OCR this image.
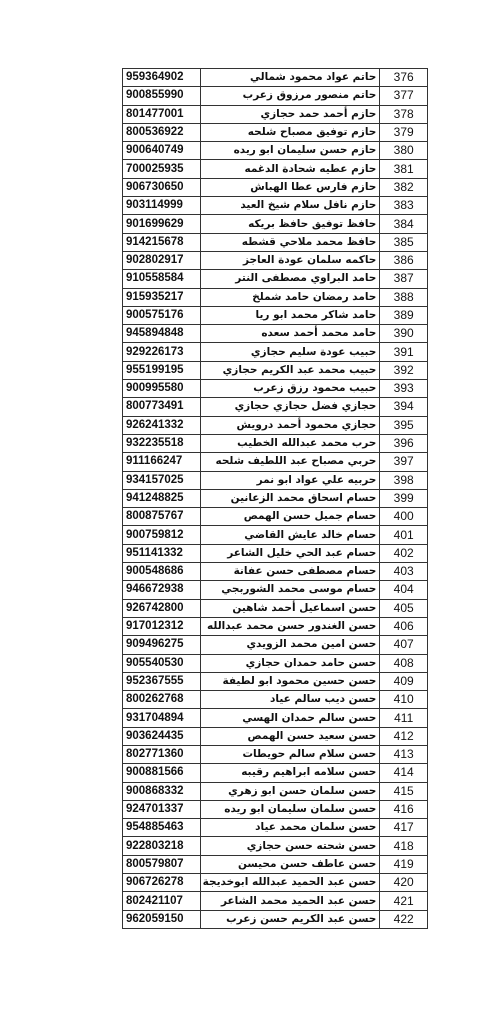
959364902	حاتم عواد محمود شمالي	376
900855990	حاتم منصور مرزوق زعرب	377
801477001	حازم أحمد حمد حجازي	378
800536922	حازم توفيق مصباح شلحه	379
900640749	حازم حسن سليمان ابو ريده	380
700025935	حازم عطيه شحادة الدغمه	381
906730650	حازم فارس عطا الهباش	382
903114999	حازم نافل سلام شيخ العيد	383
901699629	حافظ توفيق حافظ بريكه	384
914215678	حافظ محمد ملاحي قشطه	385
902802917	حاكمه سلمان عودة العاجز	386
910558584	حامد البراوي مصطفى النتر	387
915935217	حامد رمضان حامد شملخ	388
900575176	حامد شاكر محمد ابو ريا	389
945894848	حامد محمد أحمد سعده	390
929226173	حبيب عودة سليم حجازي	391
955199195	حبيب محمد عبد الكريم حجازي	392
900995580	حبيب محمود رزق زعرب	393
800773491	حجازي فضل حجازي حجازي	394
926241332	حجازي محمود أحمد درويش	395
932235518	حرب محمد عبدالله الخطيب	396
911166247	حربي مصباح عبد اللطيف شلحه	397
934157025	حربيه علي عواد ابو نمر	398
941248825	حسام اسحاق محمد الزعانين	399
800875767	حسام جميل حسن الهمص	400
900759812	حسام خالد عايش القاضي	401
951141332	حسام عبد الحي خليل الشاعر	402
900548686	حسام مصطفى حسن عفانة	403
946672938	حسام موسى محمد الشوربجي	404
926742800	حسن اسماعيل أحمد شاهين	405
917012312	حسن الغندور حسن محمد عبدالله	406
909496275	حسن امين محمد الزويدي	407
905540530	حسن حامد حمدان حجازي	408
952367555	حسن حسين محمود ابو لطيفة	409
800262768	حسن ديب سالم عياد	410
931704894	حسن سالم حمدان الهسي	411
903624435	حسن سعيد حسن الهمص	412
802771360	حسن سلام سالم حويطات	413
900881566	حسن سلامه ابراهيم رقيبه	414
900868332	حسن سلمان حسن ابو زهري	415
924701337	حسن سلمان سليمان ابو ريده	416
954885463	حسن سلمان محمد عياد	417
922803218	حسن شحته حسن حجازي	418
800579807	حسن عاطف حسن محيسن	419
906726278	حسن عبد الحميد عبدالله ابوخديجة	420
802421107	حسن عبد الحميد محمد الشاعر	421
962059150	حسن عبد الكريم حسن زعرب	422
